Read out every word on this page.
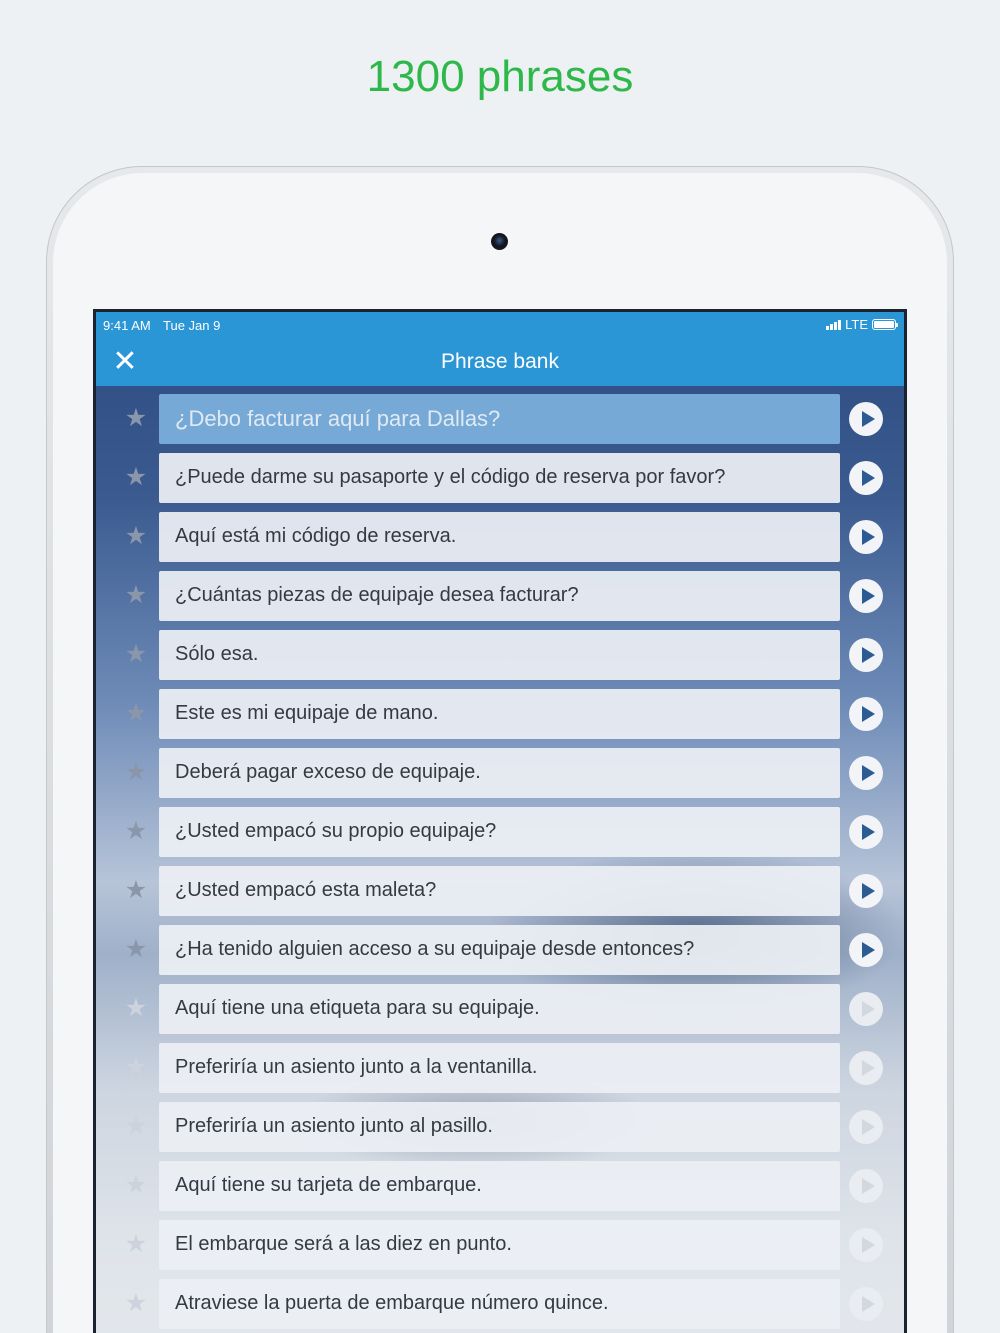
1300 phrases
9:41 AM Tue Jan 9	LTE
✕	Phrase bank
★	¿Debo facturar aquí para Dallas?
★	¿Puede darme su pasaporte y el código de reserva por favor?
★	Aquí está mi código de reserva.
★	¿Cuántas piezas de equipaje desea facturar?
★	Sólo esa.
★	Este es mi equipaje de mano.
★	Deberá pagar exceso de equipaje.
★	¿Usted empacó su propio equipaje?
★	¿Usted empacó esta maleta?
★	¿Ha tenido alguien acceso a su equipaje desde entonces?
★	Aquí tiene una etiqueta para su equipaje.
★	Preferiría un asiento junto a la ventanilla.
★	Preferiría un asiento junto al pasillo.
★	Aquí tiene su tarjeta de embarque.
★	El embarque será a las diez en punto.
★	Atraviese la puerta de embarque número quince.
